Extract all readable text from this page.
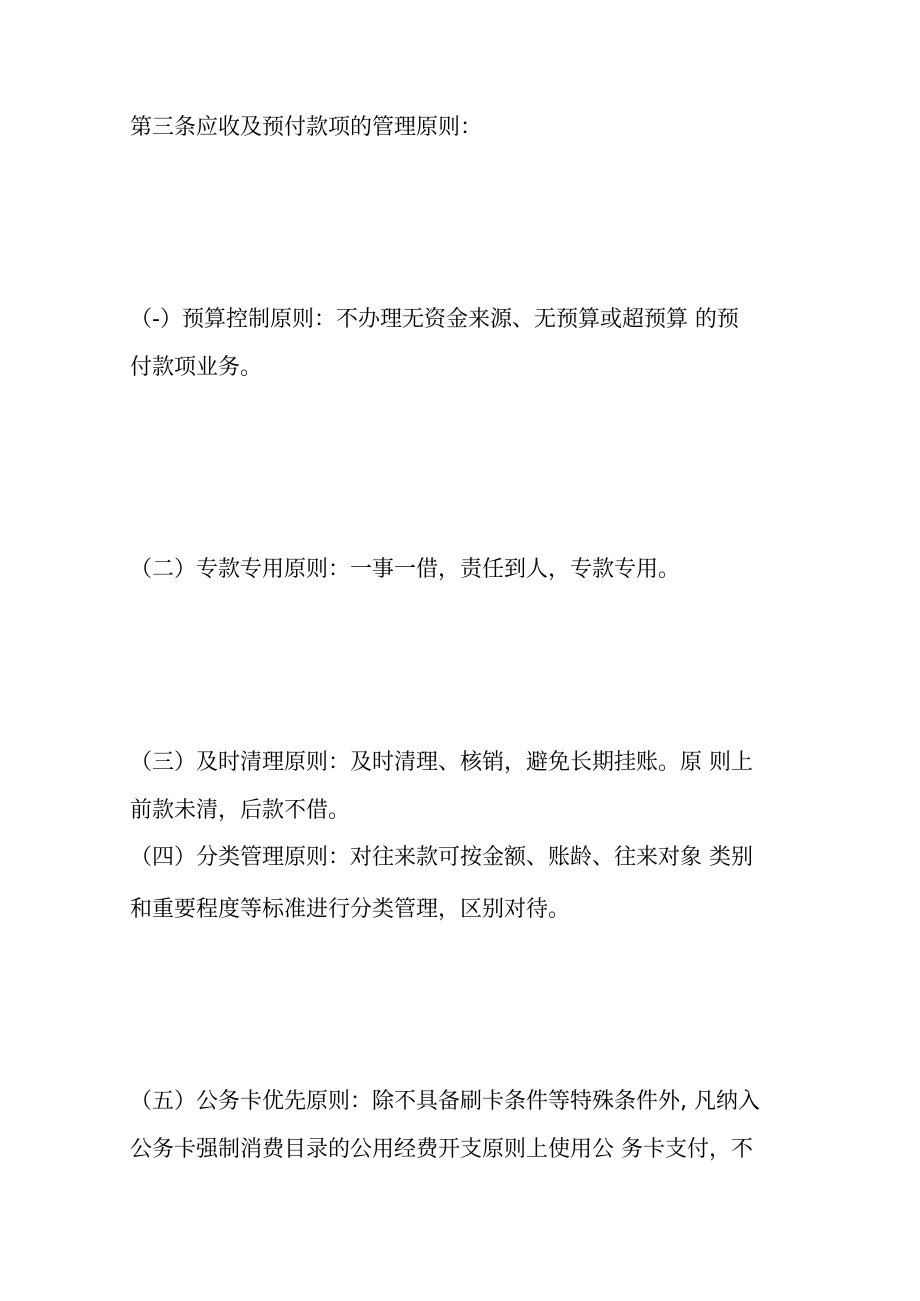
第三条应收及预付款项的管理原则：
（-）预算控制原则：不办理无资金来源、无预算或超预算 的预
付款项业务。
（二）专款专用原则：一事一借，责任到人，专款专用。
（三）及时清理原则：及时清理、核销，避免长期挂账。原 则上
前款未清，后款不借。
（四）分类管理原则：对往来款可按金额、账龄、往来对象 类别
和重要程度等标准进行分类管理，区别对待。
（五）公务卡优先原则：除不具备刷卡条件等特殊条件外, 凡纳入
公务卡强制消费目录的公用经费开支原则上使用公 务卡支付，不
